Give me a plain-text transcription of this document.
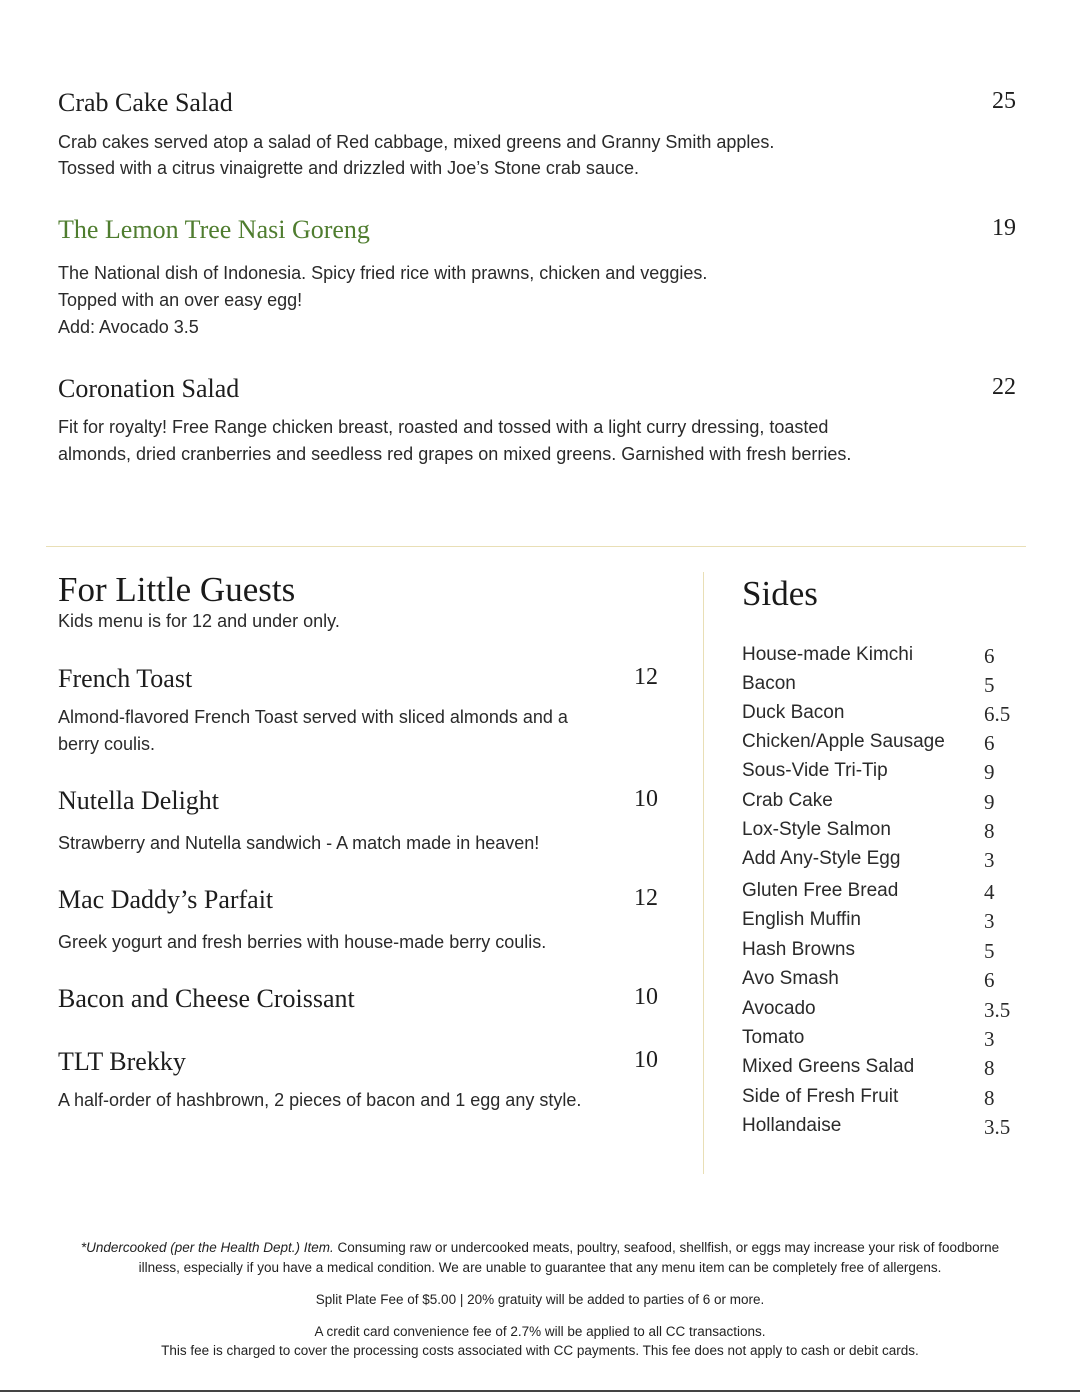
Crab Cake Salad	25
Crab cakes served atop a salad of Red cabbage, mixed greens and Granny Smith apples.
Tossed with a citrus vinaigrette and drizzled with Joe’s Stone crab sauce.
The Lemon Tree Nasi Goreng	19
The National dish of Indonesia. Spicy fried rice with prawns, chicken and veggies.
Topped with an over easy egg!
Add: Avocado 3.5
Coronation Salad	22
Fit for royalty! Free Range chicken breast, roasted and tossed with a light curry dressing, toasted
almonds, dried cranberries and seedless red grapes on mixed greens. Garnished with fresh berries.
For Little Guests
Kids menu is for 12 and under only.
French Toast	12
Almond-flavored French Toast served with sliced almonds and a
berry coulis.
Nutella Delight	10
Strawberry and Nutella sandwich - A match made in heaven!
Mac Daddy’s Parfait	12
Greek yogurt and fresh berries with house-made berry coulis.
Bacon and Cheese Croissant	10
TLT Brekky	10
A half-order of hashbrown, 2 pieces of bacon and 1 egg any style.
Sides
House-made Kimchi	6
Bacon	5
Duck Bacon	6.5
Chicken/Apple Sausage 6
Sous-Vide Tri-Tip	9
Crab Cake	9
Lox-Style Salmon	8
Add Any-Style Egg	3
Gluten Free Bread	4
English Muffin	3
Hash Browns	5
Avo Smash	6
Avocado	3.5
Tomato	3
Mixed Greens Salad	8
Side of Fresh Fruit	8
Hollandaise	3.5
*Undercooked (per the Health Dept.) Item. Consuming raw or undercooked meats, poultry, seafood, shellfish, or eggs may increase your risk of foodborne
illness, especially if you have a medical condition. We are unable to guarantee that any menu item can be completely free of allergens.
Split Plate Fee of $5.00 | 20% gratuity will be added to parties of 6 or more.
A credit card convenience fee of 2.7% will be applied to all CC transactions.
This fee is charged to cover the processing costs associated with CC payments. This fee does not apply to cash or debit cards.
